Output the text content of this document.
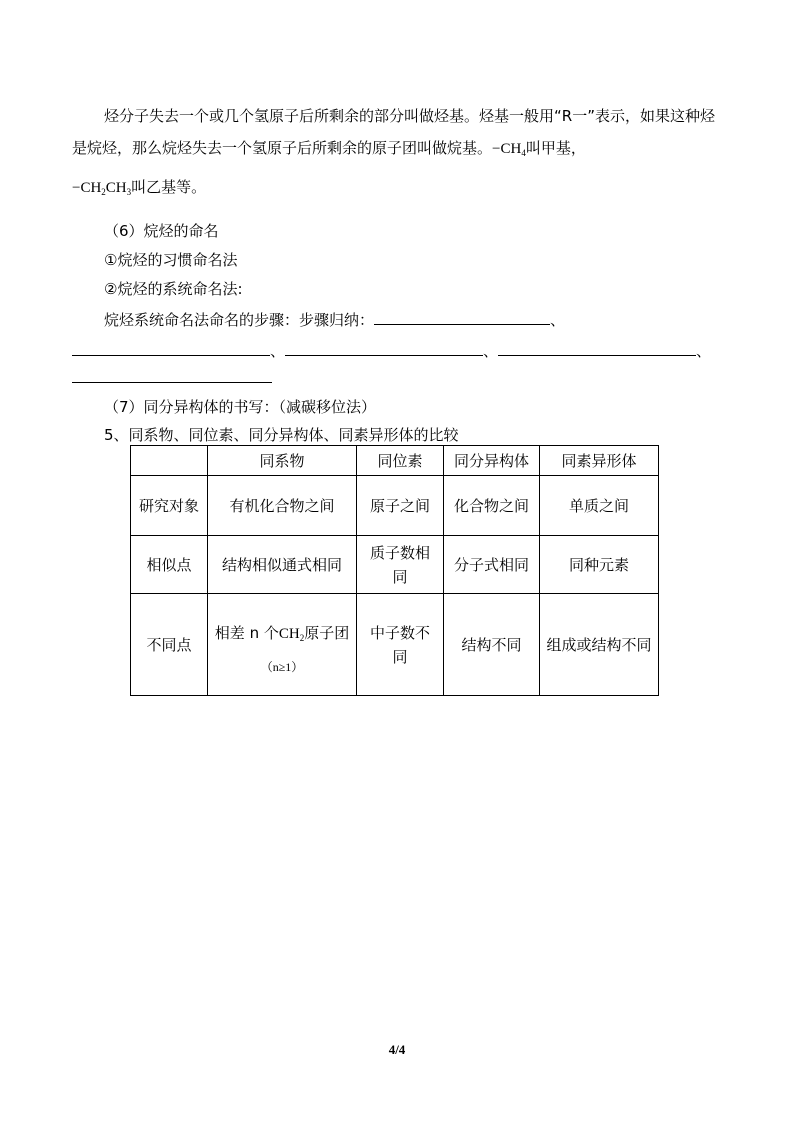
烃分子失去一个或几个氢原子后所剩余的部分叫做烃基。烃基一般用“R一”表示，如果这种烃是烷烃，那么烷烃失去一个氢原子后所剩余的原子团叫做烷基。$-CH_4$叫甲基，
$-CH_2CH_3$叫乙基等。
（6）烷烃的命名
①烷烃的习惯命名法
②烷烃的系统命名法:
烷烃系统命名法命名的步骤：步骤归纳：	、
、	、	、
（7）同分异构体的书写：（减碳移位法）
5、同系物、同位素、同分异构体、同素异形体的比较
	同系物	同位素	同分异构体	同素异形体
研究对象	有机化合物之间	原子之间	化合物之间	单质之间
相似点	结构相似通式相同	质子数相同	分子式相同	同种元素
不同点	相差 n 个$CH_2$原子团
（n≥1）	中子数不同	结构不同	组成或结构不同
4/4
